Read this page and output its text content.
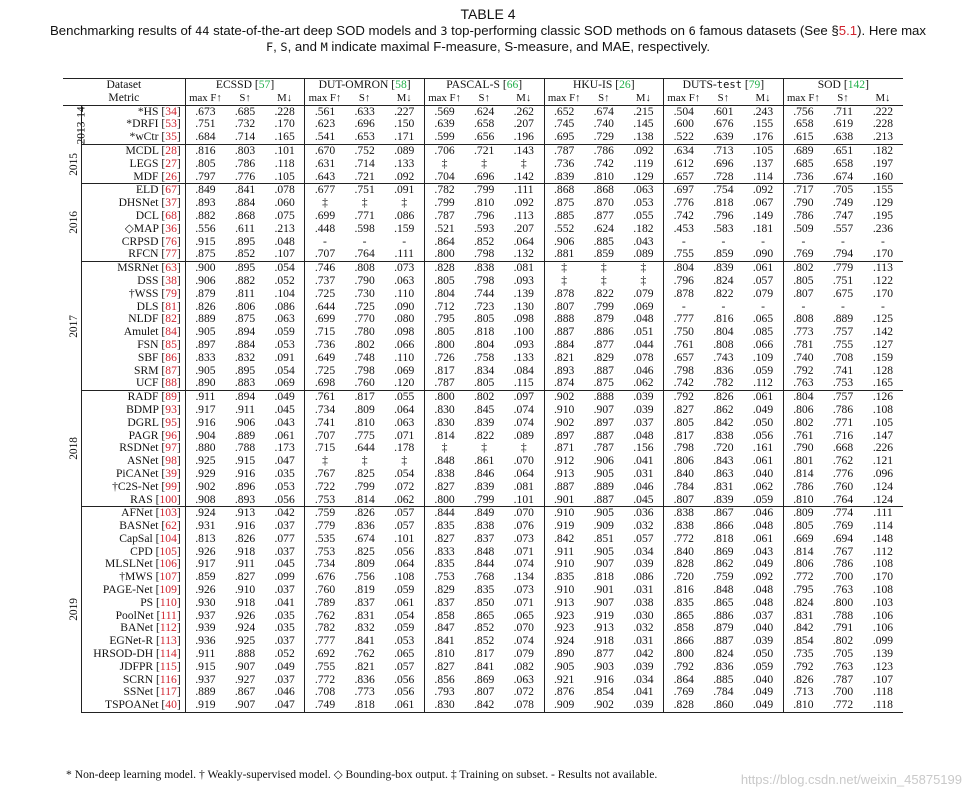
TABLE 4
Benchmarking results of 44 state-of-the-art deep SOD models and 3 top-performing classic SOD methods on 6 famous datasets (See §5.1). Here max F, S, and M indicate maximal F-measure, S-measure, and MAE, respectively.
Dataset		ECSSD [57]			DUT-OMRON [58]			PASCAL-S [66]			HKU-IS [26]			DUTS-test [79]			SOD [142]		
Metric		max F↑	S↑	M↓	max F↑	S↑	M↓	max F↑	S↑	M↓	max F↑	S↑	M↓	max F↑	S↑	M↓	max F↑	S↑	M↓
2013-14	*HS [34]	.673	.685	.228	.561	.633	.227	.569	.624	.262	.652	.674	.215	.504	.601	.243	.756	.711	.222
	*DRFI [53]	.751	.732	.170	.623	.696	.150	.639	.658	.207	.745	.740	.145	.600	.676	.155	.658	.619	.228
	*wCtr [35]	.684	.714	.165	.541	.653	.171	.599	.656	.196	.695	.729	.138	.522	.639	.176	.615	.638	.213
2015	MCDL [28]	.816	.803	.101	.670	.752	.089	.706	.721	.143	.787	.786	.092	.634	.713	.105	.689	.651	.182
	LEGS [27]	.805	.786	.118	.631	.714	.133	‡	‡	‡	.736	.742	.119	.612	.696	.137	.685	.658	.197
	MDF [26]	.797	.776	.105	.643	.721	.092	.704	.696	.142	.839	.810	.129	.657	.728	.114	.736	.674	.160
2016	ELD [67]	.849	.841	.078	.677	.751	.091	.782	.799	.111	.868	.868	.063	.697	.754	.092	.717	.705	.155
	DHSNet [37]	.893	.884	.060	‡	‡	‡	.799	.810	.092	.875	.870	.053	.776	.818	.067	.790	.749	.129
	DCL [68]	.882	.868	.075	.699	.771	.086	.787	.796	.113	.885	.877	.055	.742	.796	.149	.786	.747	.195
	◇MAP [36]	.556	.611	.213	.448	.598	.159	.521	.593	.207	.552	.624	.182	.453	.583	.181	.509	.557	.236
	CRPSD [76]	.915	.895	.048	-	-	-	.864	.852	.064	.906	.885	.043	-	-	-	-	-	-
	RFCN [77]	.875	.852	.107	.707	.764	.111	.800	.798	.132	.881	.859	.089	.755	.859	.090	.769	.794	.170
2017	MSRNet [63]	.900	.895	.054	.746	.808	.073	.828	.838	.081	‡	‡	‡	.804	.839	.061	.802	.779	.113
	DSS [38]	.906	.882	.052	.737	.790	.063	.805	.798	.093	‡	‡	‡	.796	.824	.057	.805	.751	.122
	†WSS [79]	.879	.811	.104	.725	.730	.110	.804	.744	.139	.878	.822	.079	.878	.822	.079	.807	.675	.170
	DLS [81]	.826	.806	.086	.644	.725	.090	.712	.723	.130	.807	.799	.069	-	-	-	-	-	-
	NLDF [82]	.889	.875	.063	.699	.770	.080	.795	.805	.098	.888	.879	.048	.777	.816	.065	.808	.889	.125
	Amulet [84]	.905	.894	.059	.715	.780	.098	.805	.818	.100	.887	.886	.051	.750	.804	.085	.773	.757	.142
	FSN [85]	.897	.884	.053	.736	.802	.066	.800	.804	.093	.884	.877	.044	.761	.808	.066	.781	.755	.127
	SBF [86]	.833	.832	.091	.649	.748	.110	.726	.758	.133	.821	.829	.078	.657	.743	.109	.740	.708	.159
	SRM [87]	.905	.895	.054	.725	.798	.069	.817	.834	.084	.893	.887	.046	.798	.836	.059	.792	.741	.128
	UCF [88]	.890	.883	.069	.698	.760	.120	.787	.805	.115	.874	.875	.062	.742	.782	.112	.763	.753	.165
2018	RADF [89]	.911	.894	.049	.761	.817	.055	.800	.802	.097	.902	.888	.039	.792	.826	.061	.804	.757	.126
	BDMP [93]	.917	.911	.045	.734	.809	.064	.830	.845	.074	.910	.907	.039	.827	.862	.049	.806	.786	.108
	DGRL [95]	.916	.906	.043	.741	.810	.063	.830	.839	.074	.902	.897	.037	.805	.842	.050	.802	.771	.105
	PAGR [96]	.904	.889	.061	.707	.775	.071	.814	.822	.089	.897	.887	.048	.817	.838	.056	.761	.716	.147
	RSDNet [97]	.880	.788	.173	.715	.644	.178	‡	‡	‡	.871	.787	.156	.798	.720	.161	.790	.668	.226
	ASNet [98]	.925	.915	.047	‡	‡	‡	.848	.861	.070	.912	.906	.041	.806	.843	.061	.801	.762	.121
	PiCANet [39]	.929	.916	.035	.767	.825	.054	.838	.846	.064	.913	.905	.031	.840	.863	.040	.814	.776	.096
	†C2S-Net [99]	.902	.896	.053	.722	.799	.072	.827	.839	.081	.887	.889	.046	.784	.831	.062	.786	.760	.124
	RAS [100]	.908	.893	.056	.753	.814	.062	.800	.799	.101	.901	.887	.045	.807	.839	.059	.810	.764	.124
2019	AFNet [103]	.924	.913	.042	.759	.826	.057	.844	.849	.070	.910	.905	.036	.838	.867	.046	.809	.774	.111
	BASNet [62]	.931	.916	.037	.779	.836	.057	.835	.838	.076	.919	.909	.032	.838	.866	.048	.805	.769	.114
	CapSal [104]	.813	.826	.077	.535	.674	.101	.827	.837	.073	.842	.851	.057	.772	.818	.061	.669	.694	.148
	CPD [105]	.926	.918	.037	.753	.825	.056	.833	.848	.071	.911	.905	.034	.840	.869	.043	.814	.767	.112
	MLSLNet [106]	.917	.911	.045	.734	.809	.064	.835	.844	.074	.910	.907	.039	.828	.862	.049	.806	.786	.108
	†MWS [107]	.859	.827	.099	.676	.756	.108	.753	.768	.134	.835	.818	.086	.720	.759	.092	.772	.700	.170
	PAGE-Net [109]	.926	.910	.037	.760	.819	.059	.829	.835	.073	.910	.901	.031	.816	.848	.048	.795	.763	.108
	PS [110]	.930	.918	.041	.789	.837	.061	.837	.850	.071	.913	.907	.038	.835	.865	.048	.824	.800	.103
	PoolNet [111]	.937	.926	.035	.762	.831	.054	.858	.865	.065	.923	.919	.030	.865	.886	.037	.831	.788	.106
	BANet [112]	.939	.924	.035	.782	.832	.059	.847	.852	.070	.923	.913	.032	.858	.879	.040	.842	.791	.106
	EGNet-R [113]	.936	.925	.037	.777	.841	.053	.841	.852	.074	.924	.918	.031	.866	.887	.039	.854	.802	.099
	HRSOD-DH [114]	.911	.888	.052	.692	.762	.065	.810	.817	.079	.890	.877	.042	.800	.824	.050	.735	.705	.139
	JDFPR [115]	.915	.907	.049	.755	.821	.057	.827	.841	.082	.905	.903	.039	.792	.836	.059	.792	.763	.123
	SCRN [116]	.937	.927	.037	.772	.836	.056	.856	.869	.063	.921	.916	.034	.864	.885	.040	.826	.787	.107
	SSNet [117]	.889	.867	.046	.708	.773	.056	.793	.807	.072	.876	.854	.041	.769	.784	.049	.713	.700	.118
	TSPOANet [40]	.919	.907	.047	.749	.818	.061	.830	.842	.078	.909	.902	.039	.828	.860	.049	.810	.772	.118
* Non-deep learning model. † Weakly-supervised model. ◇ Bounding-box output. ‡ Training on subset. - Results not available.	https://blog.csdn.net/weixin_45875199
